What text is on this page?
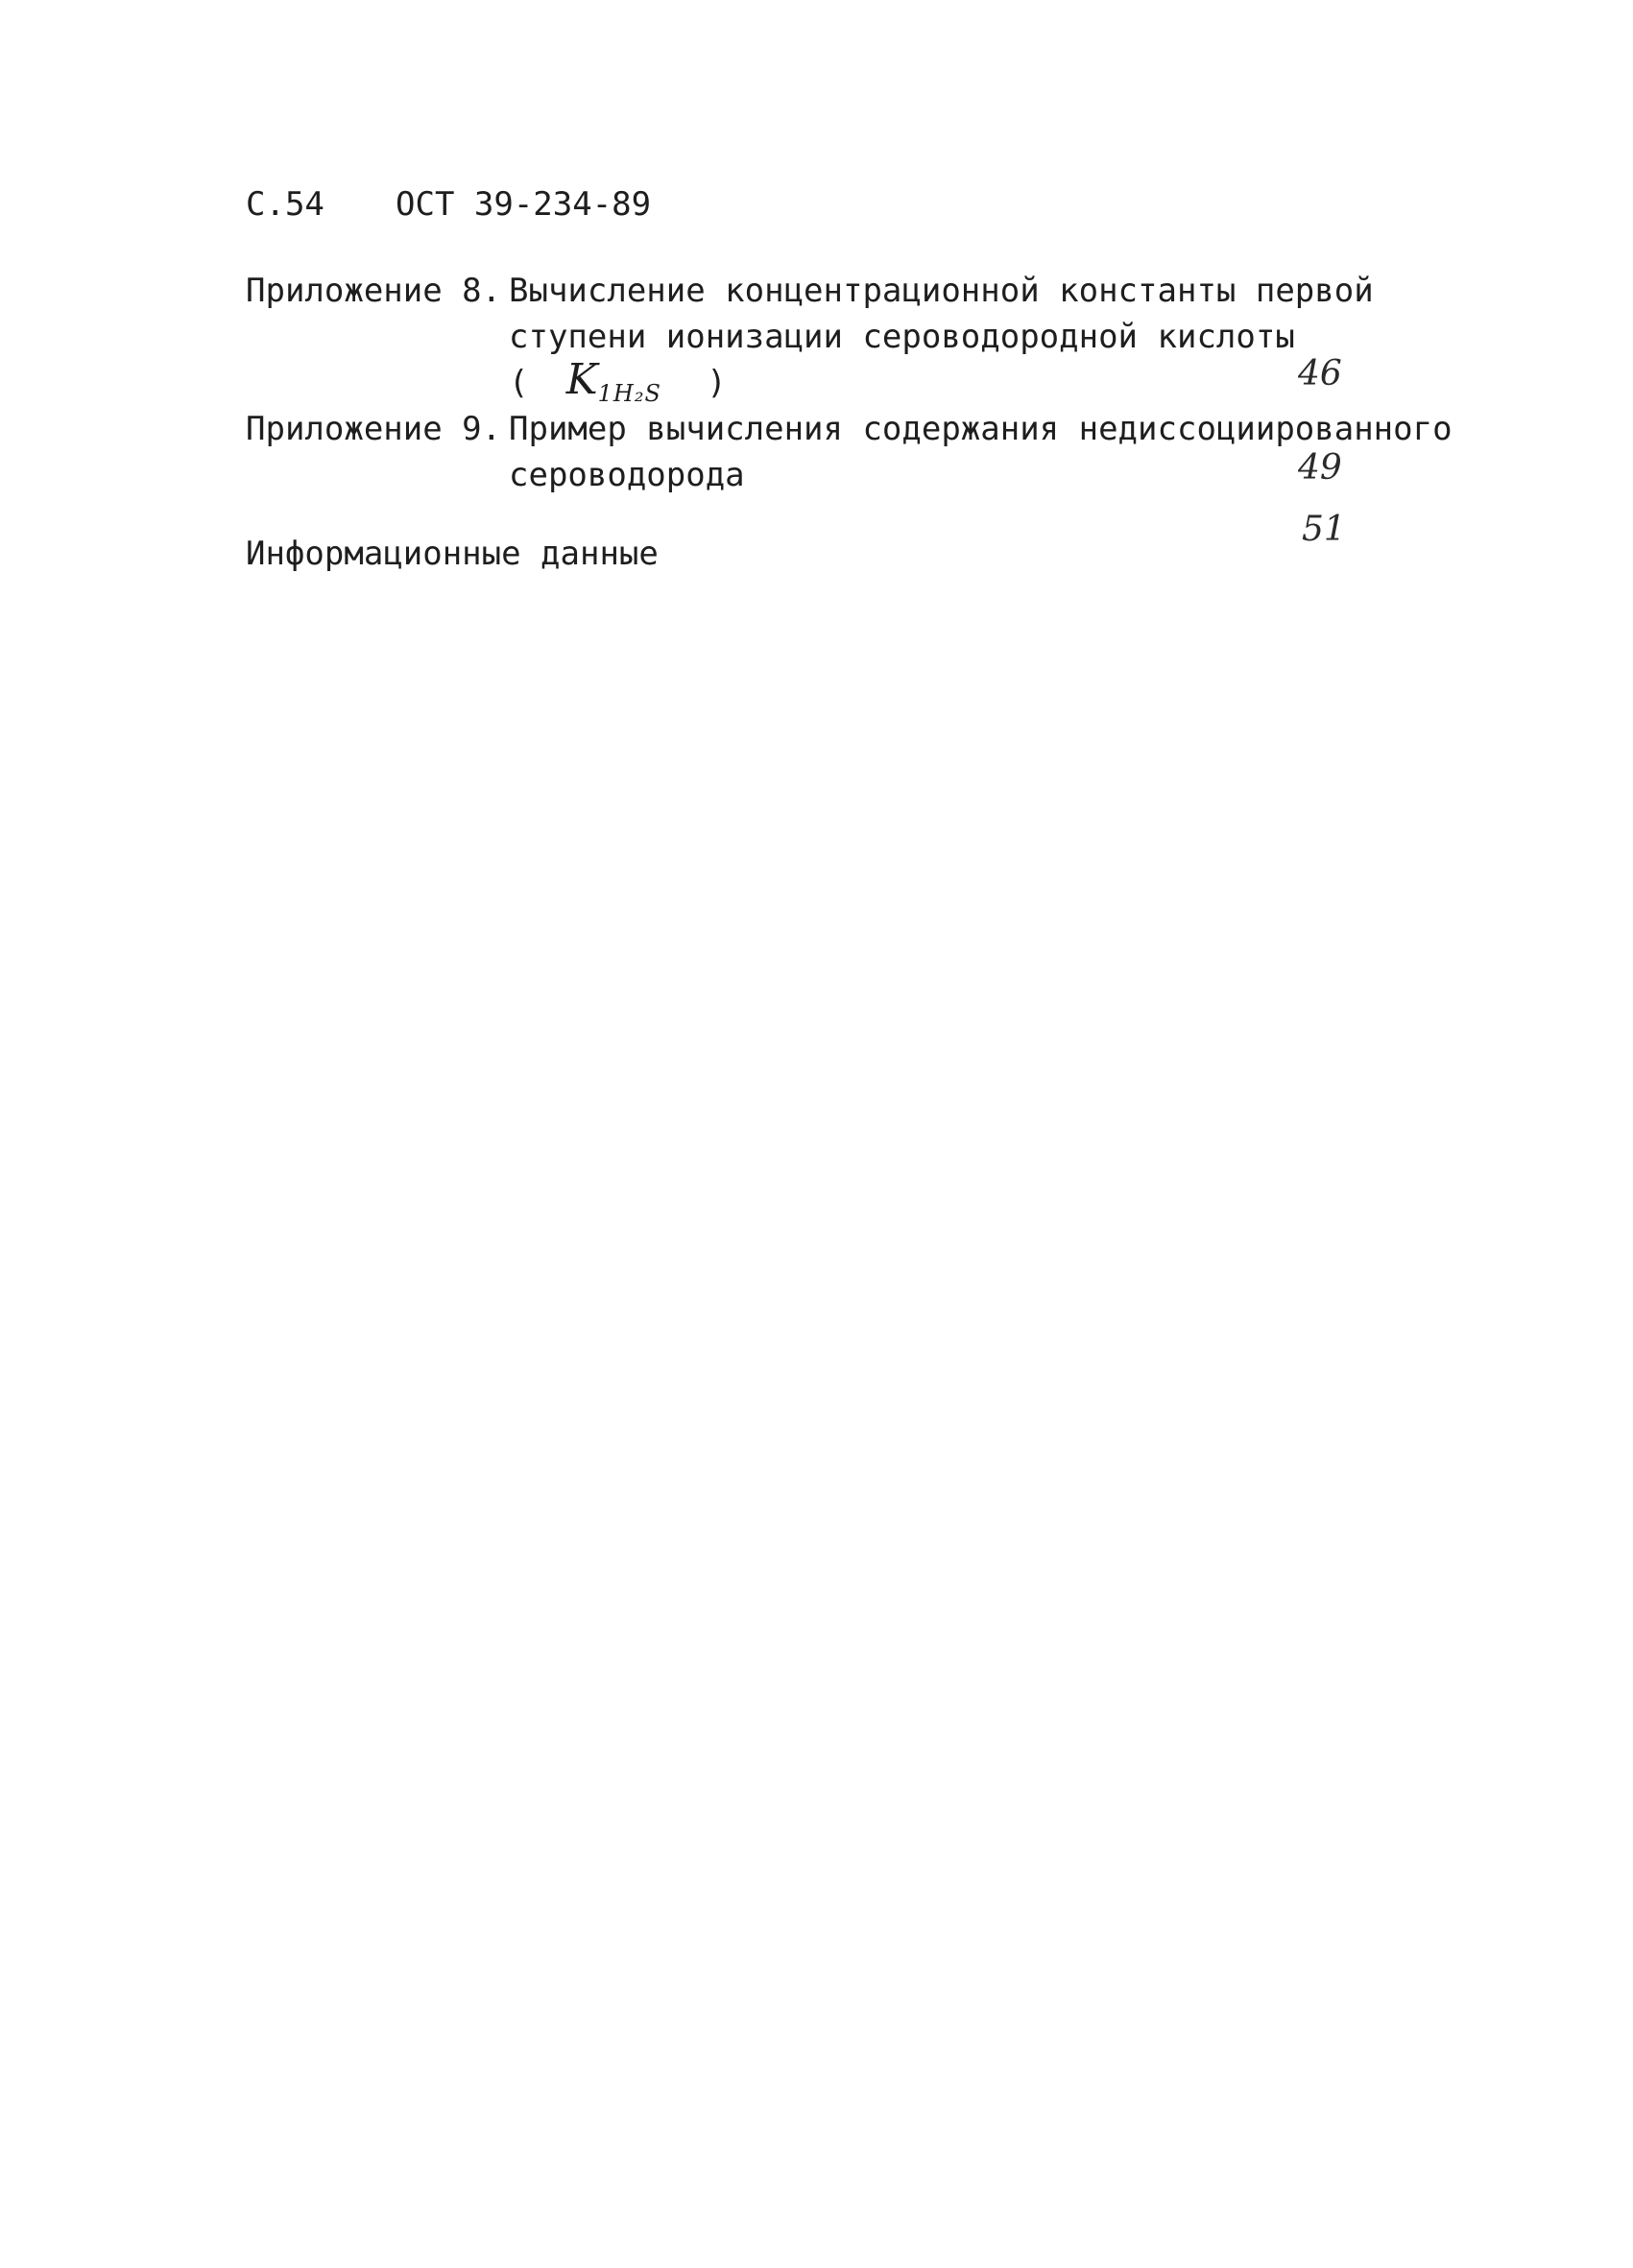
С.54 ОСТ 39-234-89
Приложение 8. Вычисление концентрационной константы первой
ступени ионизации сероводородной кислоты
( K1H₂S )	46
Приложение 9. Пример вычисления содержания недиссоциированного
сероводорода	49
Информационные данные
51
